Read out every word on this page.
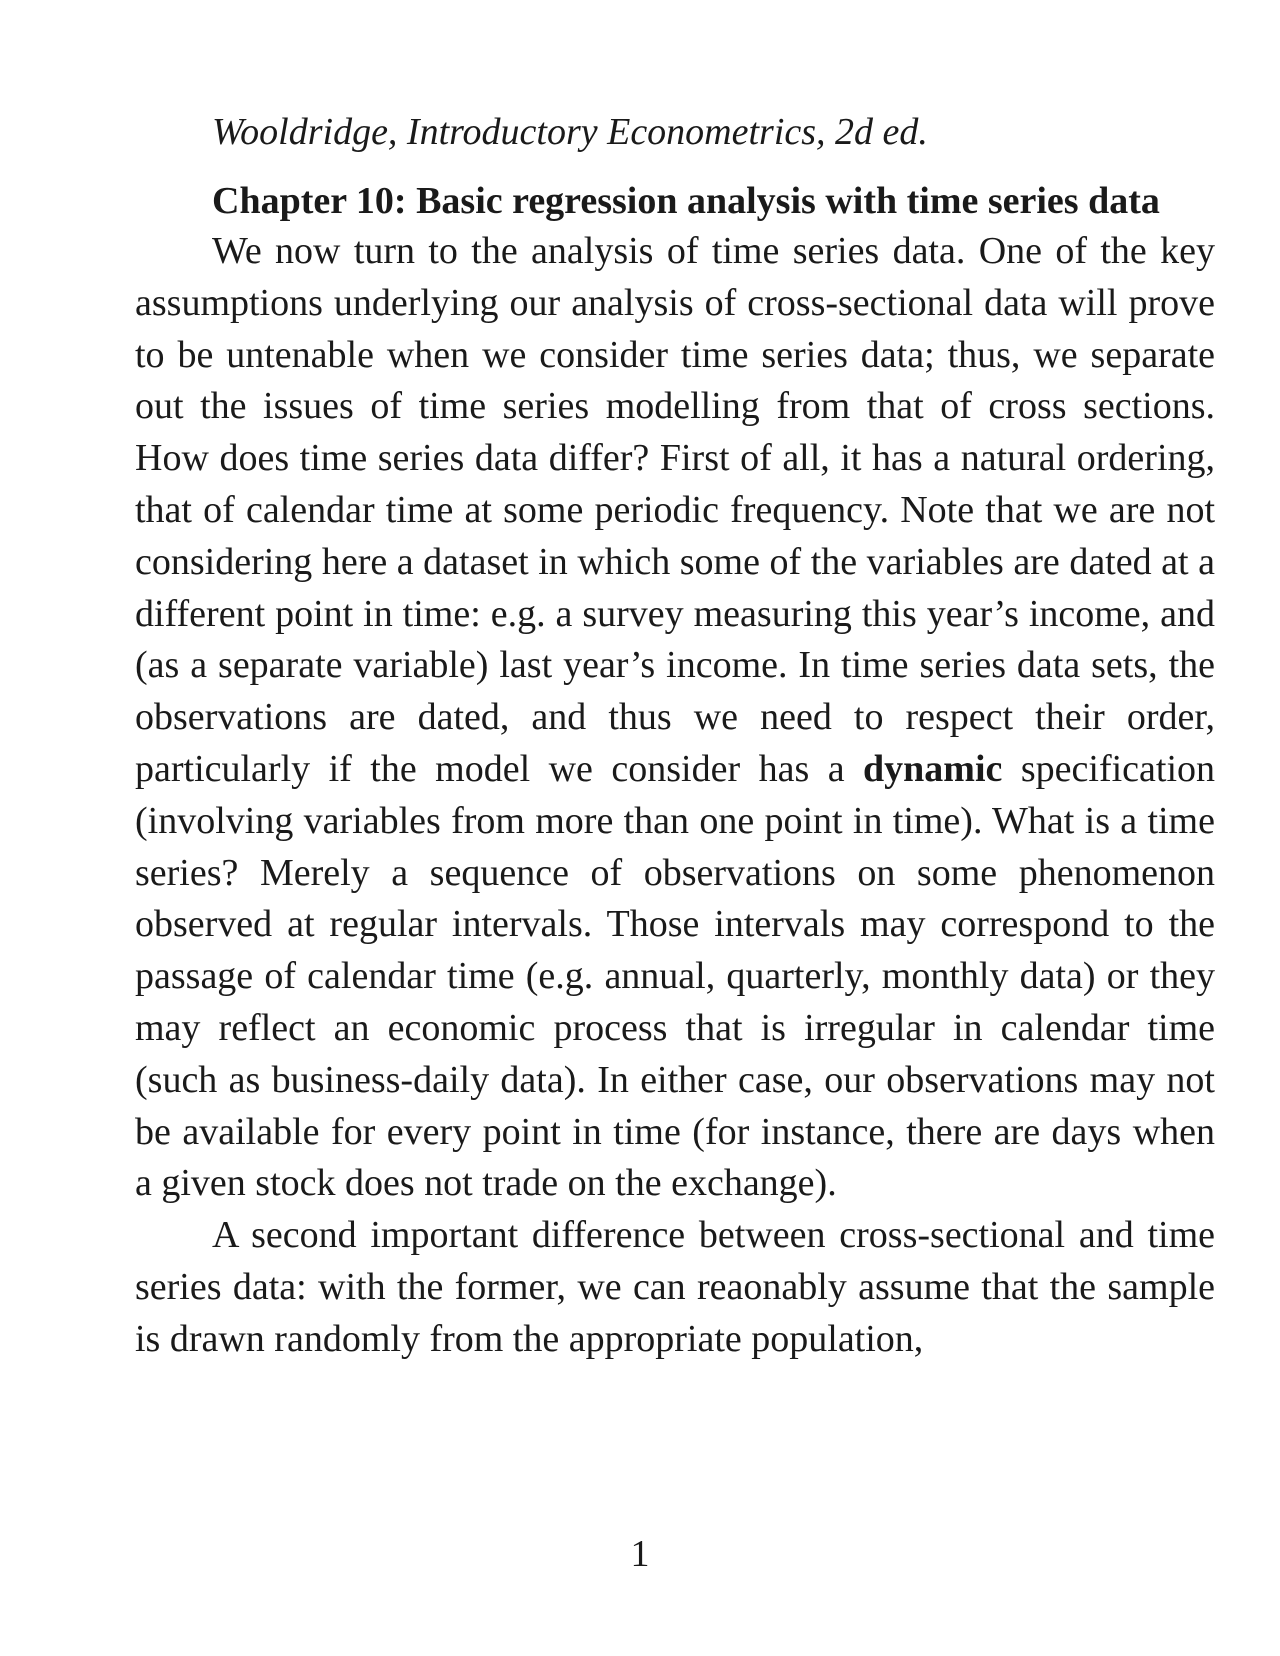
Wooldridge, Introductory Econometrics, 2d ed.

Chapter 10: Basic regression analysis with time series data

We now turn to the analysis of time series data. One of the key assumptions underlying our analysis of cross-sectional data will prove to be untenable when we consider time series data; thus, we separate out the issues of time series modelling from that of cross sections. How does time series data differ? First of all, it has a natural ordering, that of calendar time at some periodic frequency. Note that we are not considering here a dataset in which some of the variables are dated at a different point in time: e.g. a survey measuring this year’s income, and (as a separate variable) last year’s income. In time series data sets, the observations are dated, and thus we need to respect their order, particularly if the model we consider has a dynamic specification (involving variables from more than one point in time). What is a time series? Merely a sequence of observations on some phenomenon observed at regular intervals. Those intervals may correspond to the passage of calendar time (e.g. annual, quarterly, monthly data) or they may reflect an economic process that is irregular in calendar time (such as business-daily data). In either case, our observations may not be available for every point in time (for instance, there are days when a given stock does not trade on the exchange).

A second important difference between cross-sectional and time series data: with the former, we can reaonably assume that the sample is drawn randomly from the appropriate population,

1
